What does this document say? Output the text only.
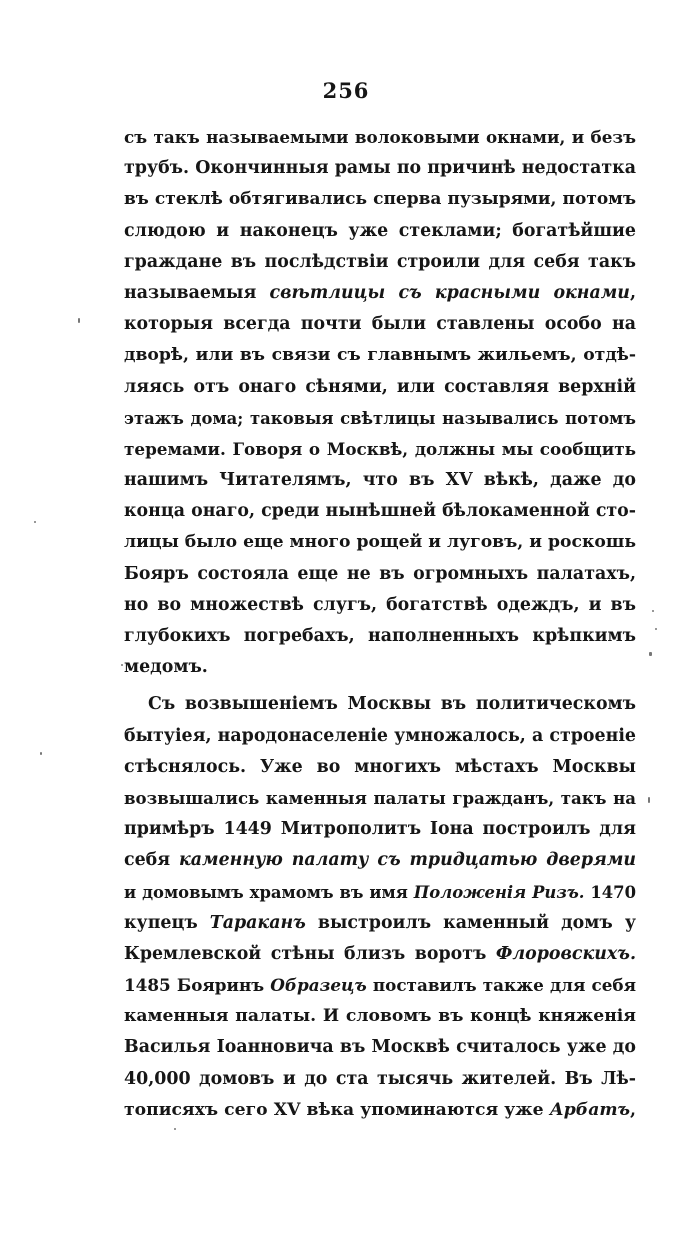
256
съ такъ называемыми волоковыми окнами, и безъ
трубъ. Окончинныя рамы по причинѣ недостатка
въ стеклѣ обтягивались сперва пузырями, потомъ
слюдою и наконецъ уже стеклами; богатѣйшие
граждане въ послѣдствіи строили для себя такъ
называемыя свѣтлицы съ красными окнами,
которыя всегда почти были ставлены особо на
дворѣ, или въ связи съ главнымъ жильемъ, отдѣ-
ляясь отъ онаго сѣнями, или составляя верхній
этажъ дома; таковыя свѣтлицы назывались потомъ
теремами. Говоря о Москвѣ, должны мы сообщить
нашимъ Читателямъ, что въ XV вѣкѣ, даже до
конца онаго, среди нынѣшней бѣлокаменной сто-
лицы было еще много рощей и луговъ, и роскошь
Бояръ состояла еще не въ огромныхъ палатахъ,
но во множествѣ слугъ, богатствѣ одеждъ, и въ
глубокихъ погребахъ, наполненныхъ крѣпкимъ
медомъ.
Съ возвышеніемъ Москвы въ политическомъ
бытуіея, народонаселеніе умножалось, а строеніе
стѣснялось. Уже во многихъ мѣстахъ Москвы
возвышались каменныя палаты гражданъ, такъ на
примѣръ 1449 Митрополитъ Іона построилъ для
себя каменную палату съ тридцатью дверями
и домовымъ храмомъ въ имя Положенія Ризъ. 1470
купецъ Тараканъ выстроилъ каменный домъ у
Кремлевской стѣны близъ воротъ Флоровскихъ.
1485 Бояринъ Образецъ поставилъ также для себя
каменныя палаты. И словомъ въ концѣ княженія
Василья Іоанновича въ Москвѣ считалось уже до
40,000 домовъ и до ста тысячь жителей. Въ Лѣ-
тописяхъ сего XV вѣка упоминаются уже Арбатъ,
